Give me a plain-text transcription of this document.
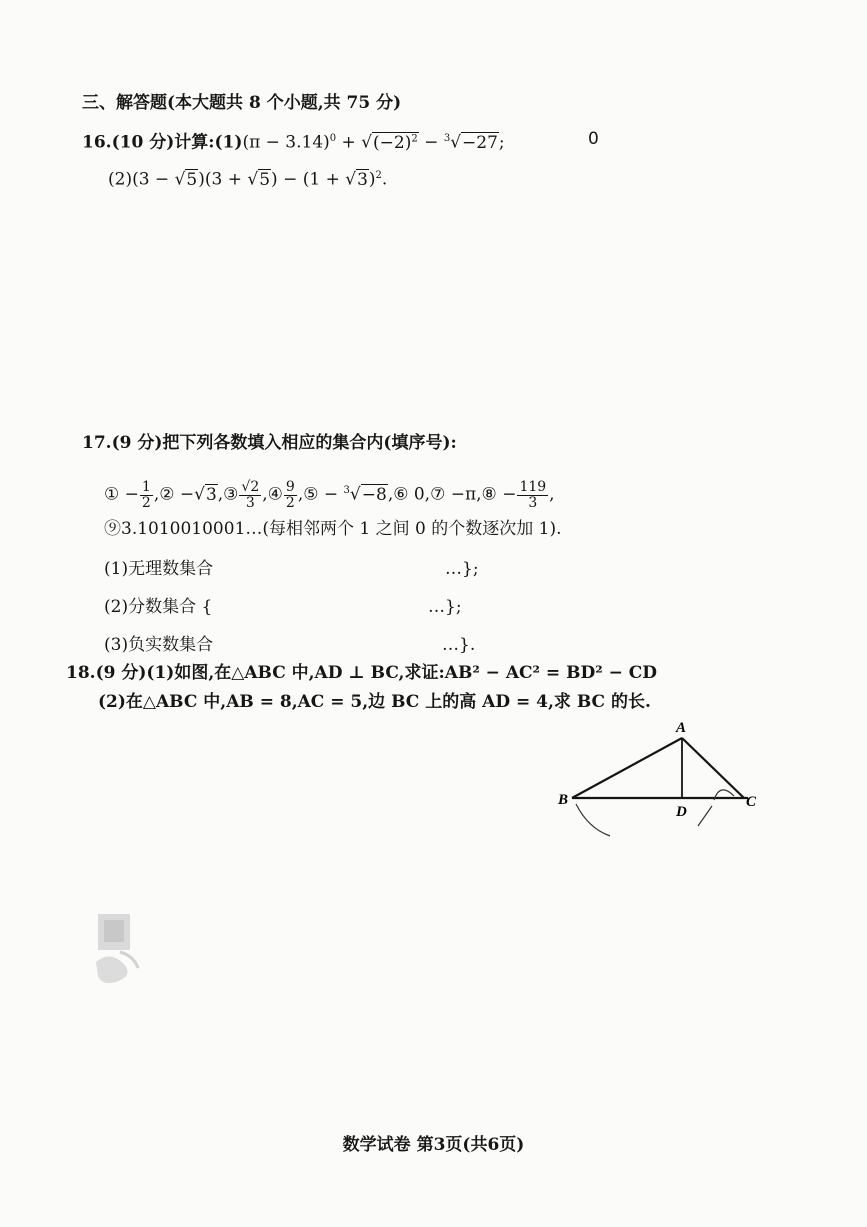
三、解答题(本大题共 8 个小题,共 75 分)
16.(10 分)计算:(1)(π − $3.14)^0 + √(-2)^2 - ^3√-27$;	0
$(2)(3 - √5)(3 + √5) - (1 + √3)^2$.
17.(9 分)把下列各数填入相应的集合内(填序号):
① − $\frac{1}{2}$ ,② −√3,③ $\frac{√2}{3}$ ,④ $\frac{9}{2}$ ,⑤ − $^3$√−8,⑥ 0,⑦ −π,⑧ − $\frac{119}{3}$ ,
⑨3.1010010001…(每相邻两个 1 之间 0 的个数逐次加 1).
(1)无理数集合	…};
(2)分数集合 {	…};
(3)负实数集合	…}.
18.(9 分)(1)如图,在△ABC 中,AD ⊥ BC,求证:AB² − AC² = BD² − CD
(2)在△ABC 中,AB = 8,AC = 5,边 BC 上的高 AD = 4,求 BC 的长.
A
B	C
D
数学试卷 第3页(共6页)
